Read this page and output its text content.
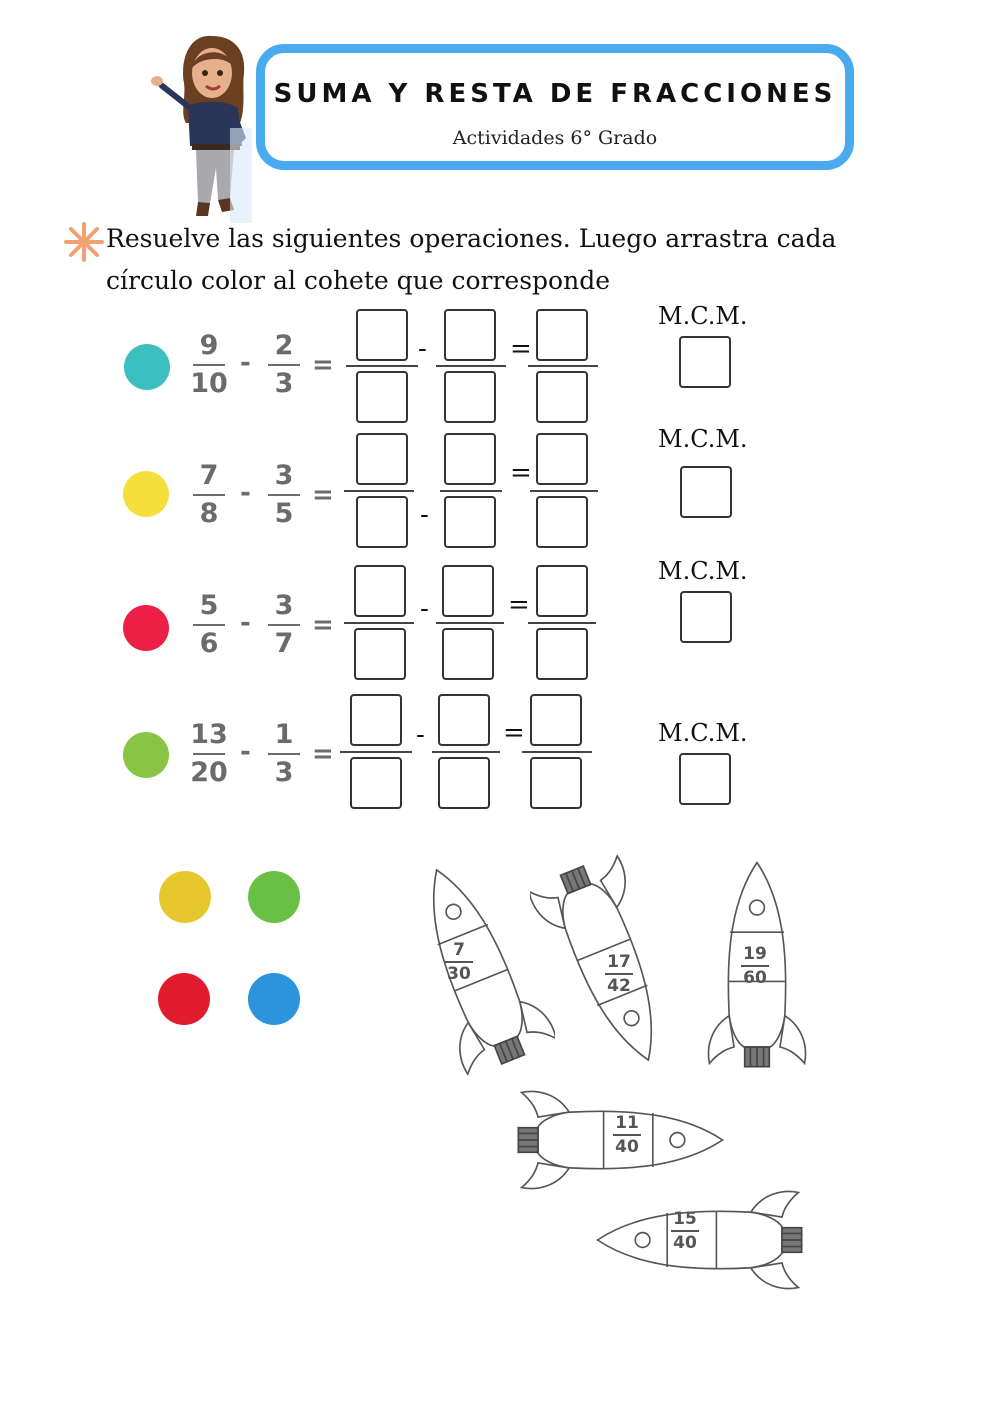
SUMA Y RESTA DE FRACCIONES
Actividades 6° Grado
Resuelve las siguientes operaciones. Luego arrastra cada círculo color al cohete que corresponde
9
10
-
2
3
=
-	=
M.C.M.
7
8
-
3
5
=
-
=
M.C.M.
5
6
-
3
7
=
-	=
M.C.M.
13
20
-
1
3
=
-	=	M.C.M.
7
30
17
42
19
60
11
40
15
40
